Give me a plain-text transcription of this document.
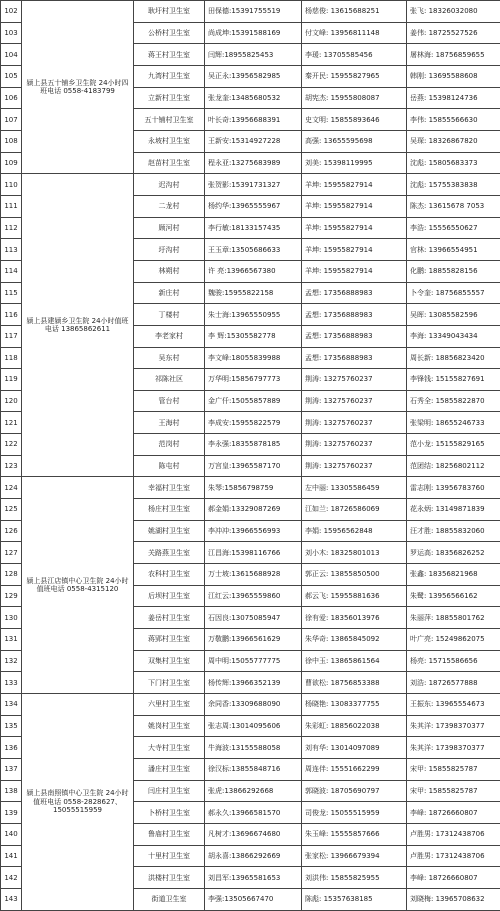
102	颍上县五十铺乡卫生院 24小时四班电话 0558-4183799	耿圩村卫生室	田保德:15391755519	杨慈俊: 13615688251	张飞: 18326032080
103		公桥村卫生室	尚成坤:15391588169	付文峰: 13956811148	姜伟: 18725527526
104		蒋王村卫生室	闫辉:18955825453	李瑗: 13705585456	屠林海: 18756859655
105		九湾村卫生室	吴正永:13956582985	秦开民: 15955827965	韩刚: 13695588608
106		立新村卫生室	张龙奎:13485680532	胡宪杰: 15955808087	岳燕: 15398124736
107		五十铺村卫生室	叶长奇:13956688391	史文明: 15855893646	李伟: 15855566630
108		永坡村卫生室	王新安:15314927228	高强: 13655595698	吴琛: 18326867820
109		赵苗村卫生室	程永亚:13275683989	刘美: 15398119995	沈彪: 15805683373
110	颍上县建颍乡卫生院 24小时值班电话 13865862611	迟沟村	张贺影:15391731327	羊坤: 15955827914	沈彪: 15755383838
111		二龙村	杨约华:13965555967	羊坤: 15955827914	陈杰: 13615678 7053
112		顾河村	李行敏:18133157435	羊坤: 15955827914	李浩: 15556550627
113		圩沟村	王玉章:13505686633	羊坤: 15955827914	官林: 13966554951
114		林朔村	许 亮:13966567380	羊坤: 15955827914	化鹏: 18855828156
115		新庄村	魏骏:15955822158	孟想: 17356888983	卜令奎: 18756855557
116		丁楼村	朱士海:13965550955	孟想: 17356888983	吴晖: 13085582596
117		李老家村	李 辉:15305582778	孟想: 17356888983	李海: 13349043434
118		吴东村	李文峰:18055839988	孟想: 17356888983	周长新: 18856823420
119		祁陈社区	万华明:15856797773	荆涛: 13275760237	李锋钱: 15155827691
120		管台村	金广仟:15055857889	荆涛: 13275760237	石秀全: 15855822870
121		王海村	李成安:15955822579	荆涛: 13275760237	张梁明: 18655246733
122		范岗村	李永强:18355878185	荆涛: 13275760237	范小龙: 15155829165
123		陈屯村	万宫皇:13965587170	荆涛: 13275760237	范团结: 18256802112
124	颍上县江店镇中心卫生院 24小时值班电话 0558-4315120	幸福村卫生室	朱琴:15856798759	左中丽: 13305586459	雷志刚: 13956783760
125		杨庄村卫生室	郝金娟:13329087269	江如兰: 18726586069	花永炳: 13149871839
126		姚湖村卫生室	李冲冲:13966556993	李娟: 15956562848	汪才胜: 18855832060
127		关路燕卫生室	江昌海:15398116766	刘小木: 18325801013	罗运高: 18356826252
128		农科村卫生室	万士坡:13615688928	郭正云: 13855850500	张鑫: 18356821968
129		后坝村卫生室	江红云:13965559860	郝云飞: 15955881636	朱鹭: 13956566162
130		姜岳村卫生室	石因良:13075085947	徐有爱: 18356013976	朱丽萍: 18855801762
131		蒋郢村卫生室	万敬鹏:13966561629	朱华奇: 13865845092	叶广亮: 15249862075
132		双集村卫生室	周中明:15055777775	徐中玉: 13865861564	杨亮: 15715586656
133		下门村卫生室	杨传辉:13966352139	曹欲松: 18756853388	刘浩: 18726577888
134	颍上县南照镇中心卫生院 24小时值班电话 0558-2828627、15055515959	六里村卫生室	余同香:13309688090	杨晓艳: 13083377755	王振东: 13965554673
135		姚岗村卫生室	张志周:13014095606	朱彩虹: 18856022038	朱其洋: 17398370377
136		大寺村卫生室	牛海波:13155588058	刘有华: 13014097089	朱其洋: 17398370377
137		潘庄村卫生室	徐汉标:13855848716	周连伴: 15551662299	宋甲: 15855825787
138		闫庄村卫生室	张虎:13866292668	郭晓波: 18705690797	宋甲: 15855825787
139		卜桥村卫生室	郝永久:13966581570	司俊龙: 15055515959	李峰: 18726660807
140		鲁庙村卫生室	凡树才:13696674680	朱玉峰: 15555857666	卢胜男: 17312438706
141		十里村卫生室	胡永喜:13866292669	张家松: 13966679394	卢胜男: 17312438706
142		洪楼村卫生室	刘昌军:13965581653	刘洪伟: 15855825955	李峰: 18726660807
143		街道卫生室	李强:13505667470	陈彪: 15357638185	刘晓梅: 13965708632
